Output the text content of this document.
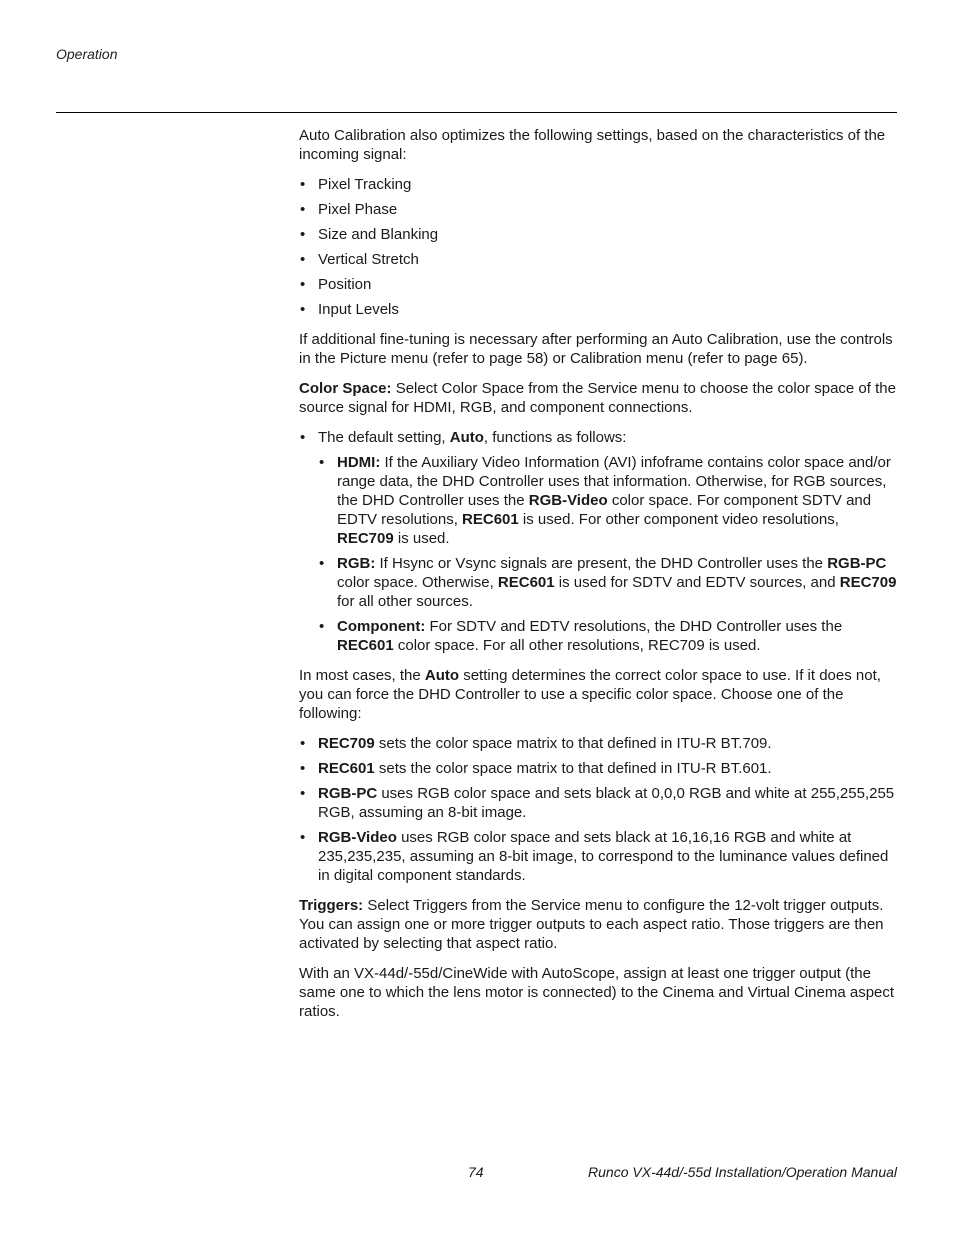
Operation

Auto Calibration also optimizes the following settings, based on the characteristics of the incoming signal:

• Pixel Tracking
• Pixel Phase
• Size and Blanking
• Vertical Stretch
• Position
• Input Levels

If additional fine-tuning is necessary after performing an Auto Calibration, use the controls in the Picture menu (refer to page 58) or Calibration menu (refer to page 65).

Color Space: Select Color Space from the Service menu to choose the color space of the source signal for HDMI, RGB, and component connections.

• The default setting, Auto, functions as follows:
• HDMI: If the Auxiliary Video Information (AVI) infoframe contains color space and/or range data, the DHD Controller uses that information. Otherwise, for RGB sources, the DHD Controller uses the RGB-Video color space. For component SDTV and EDTV resolutions, REC601 is used. For other component video resolutions, REC709 is used.
• RGB: If Hsync or Vsync signals are present, the DHD Controller uses the RGB-PC color space. Otherwise, REC601 is used for SDTV and EDTV sources, and REC709 for all other sources.
• Component: For SDTV and EDTV resolutions, the DHD Controller uses the REC601 color space. For all other resolutions, REC709 is used.

In most cases, the Auto setting determines the correct color space to use. If it does not, you can force the DHD Controller to use a specific color space. Choose one of the following:

• REC709 sets the color space matrix to that defined in ITU-R BT.709.
• REC601 sets the color space matrix to that defined in ITU-R BT.601.
• RGB-PC uses RGB color space and sets black at 0,0,0 RGB and white at 255,255,255 RGB, assuming an 8-bit image.
• RGB-Video uses RGB color space and sets black at 16,16,16 RGB and white at 235,235,235, assuming an 8-bit image, to correspond to the luminance values defined in digital component standards.

Triggers: Select Triggers from the Service menu to configure the 12-volt trigger outputs. You can assign one or more trigger outputs to each aspect ratio. Those triggers are then activated by selecting that aspect ratio.

With an VX-44d/-55d/CineWide with AutoScope, assign at least one trigger output (the same one to which the lens motor is connected) to the Cinema and Virtual Cinema aspect ratios.

74	Runco VX-44d/-55d Installation/Operation Manual
